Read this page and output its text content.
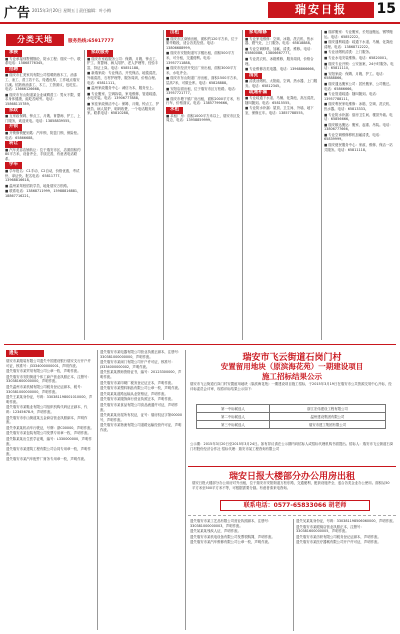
广告 2015年3月20日 星期五 | 责任编辑：叶小梅	瑞安日报	15
分类天地	服务热线:65917777
承接

■ 专业承接别墅钢筋砼、防水工程；瑞安一中。联系电话：15868776345。

招聘

■ 瑞安市汇美家具有限公司招聘熟练木工、油漆工、油工、普工若干名，待遇优厚，工作地点瑞安江溪。招熟练油漆工、木工，工资面议，包吃住。电话：13666126668。

■ 瑞安市东山街道某企业诚聘普工：男女不限，要求身体健康，能吃苦耐劳。电话：15868115789。

家政

■ 互家政保姆、钟点工、月嫂、育婴师、护工，上门服务，欢迎来电。电话：13858839555。

开锁

■ 开锁修锁配钥匙：汽车锁、防盗门锁、保险柜。电话：65866688。

转让

■ 汽车美容店铺转让：位于瑞安市区，店面面积约80平方米，设备齐全，手续完善，有意者电话联系。

学车

■ 学车报名：C1手动、C2自动，价格优惠，考试快、拿证快。报名电话：65811777、13968816618。

■ 温州某驾校招收学员，地址瑞安万松路。

■ 联系电话：13868711999、15988816881、18867716221。

家政服务

■ 瑞安市家政服务公司：保姆、月嫂、钟点工、护工、育婴师、病人陪护、老人护理等，经验丰富，持证上岗。电话：65851188。

■ 新瑞家政：专业保洁、开荒保洁、地毯清洗、外墙清洗、石材护理等，服务周到，价格合理。电话：65811111。

■ 温州家政服务中心：诚信为本，服务至上。

■ 专业搬家、空调拆装、家电维修、管道疏通、水电安装。电话：13906777888。

■ 家佳家政保洁中心：保姆、月嫂、钟点工、护理员、病人陪护，明码收费，一个电话服务到家。联系电话：65810288。

出租

■ 瑞安市区商铺出租，面积约120平方米，位于繁华路段，适合各类经营。电话：13806688999。

■ 瑞安市安阳街道写字楼出租，面积500平方米，可分租，交通便利。电话：13957711888。

■ 瑞安市经济开发区厂房出租，面积3000平方米，水电齐全。

■ 瑞安市东山街道厂房出租，面积1500平方米，层高7米，可做仓库。电话：65828888。

■ 安阳店面出租，位于瑞安市区万松路。电话：13957721777。

■ 瑞安市塘下镇厂房出租，面积2000平方米，有行车，价格面议。电话：13857799666。

求租

■ 求租厂房：面积1000平方米以上，瑞安市区及周边，电话：13958859999。

家电维修

■ 专业家电维修：空调、冰箱、洗衣机、热水器、燃气灶，上门服务。电话：65818888。

■ 专业空调移机、加氟、清洗、维修。电话：65860088、13806667777。

■ 专业洗衣机、冰箱维修，服务周到，价格合理。

■ 专业维修各类电器，电话：13968866666。

清洗

■ 清洗油烟机、太阳能、空调、热水器，上门服务。电话：65812345。

疏通补漏

■ 专业疏通下水道、马桶、化粪池，高压清洗，随叫随到。电话：65815555。

■ 专业防水补漏：屋顶、卫生间、外墙、地下室，保修五年。电话：13857788555。

■ 瑞祥搬家：专业搬家、长短途搬运、钢琴搬运。电话：65852222。

■ 瑞安通利疏通：疏通下水道、马桶、化粪池清理。电话：13868712222。

■ 专业油烟机清洗：上门服务。

■ 专业水电安装维修。电话：65820001。

■ 瑞安专业开锁：公安备案，24小时服务。电话：65811110。

■ 安阳家政：保姆、月嫂、护工。电话：65888866。

■ 瑞安通达搬家公司：居民搬家、公司搬迁。电话：65866666。

■ 专业管道疏通：随叫随到。电话：13957788111。

■ 瑞安利民家电维修：冰箱、空调、洗衣机、热水器。电话：65813333。

■ 专业防水补漏：厨房卫生间、楼顶外墙。电话：65856666。

■ 瑞安顺达搬运：搬家、起重、吊装。电话：13806777666。

■ 专业空调维修移机加氟清洗，电话：65839999。

■ 瑞安便民服务中心：家政、维修、保洁一站式服务。电话：65811118。

遗失

瑞安市某服装有限公司遗失中国建设银行瑞安支行开户许可证，核准号：J3334000000001，声明作废。

遗失瑞安市某贸易有限公司公章一枚，声明作废。

遗失瑞安市安阳街道个体工商户营业执照正本，注册号：330381600000000，声明作废。

遗失温州市某机械有限公司税务登记证副本，税号：330381000000000，声明作废。

遗失王某某身份证，号码：330381198001010000，声明作废。

遗失瑞安市某鞋业有限公司组织机构代码证正副本，代码：12345678-9，声明作废。

遗失瑞安市东山街道某五金商店营业执照副本，声明作废。

遗失李某某机动车行驶证，号牌：浙C00000，声明作废。

遗失瑞安市某包装有限公司发票专用章一枚，声明作废。

遗失陈某某出生医学证明，编号：L330000000，声明作废。

遗失瑞安市某建筑工程有限公司合同专用章一枚，声明作废。

遗失瑞安市某汽车配件厂财务专用章一枚，声明作废。

遗失瑞安市某电器有限公司营业执照正副本，注册号：330381000000000，声明作废。

遗失瑞安市某阀门有限公司开户许可证，核准号：J3334000000002，声明作废。

遗失张某某教师资格证书，编号：20123300000，声明作废。

遗失瑞安市某印刷厂税务登记证正本，声明作废。

遗失瑞安市某塑料制品有限公司公章一枚，声明作废。

遗失周某某道路运输从业资格证，声明作废。

遗失瑞安市某服饰商行营业执照正本，声明作废。

遗失瑞安市某食品有限公司食品流通许可证，声明作废。

遗失黄某某房屋所有权证，证号：瑞房权证字第00000号，声明作废。

遗失瑞安市某物流有限公司道路运输经营许可证，声明作废。

瑞安市飞云街道石岗门村
安置留用地块（原滨海花苑）一期建设项目
施工招标结果公示

瑞安市飞云街道石岗门村安置留用地块（原滨海花苑）一期建设项目施工招标，于2015年3月19日在瑞安市公共资源交易中心开标，经评标委员会评审，现将评标结果公示如下：

第一中标候选人	浙江宏伟建设工程有限公司
第二中标候选人	温州建设集团有限公司
第三中标候选人	瑞安市建工集团有限公司

公示期：2015年3月20日至2015年3月24日。如有异议请在公示期内向招标人或招标代理机构书面提出。招标人：瑞安市飞云街道石岗门村股份经济合作社 招标代理：瑞安市某工程咨询有限公司

瑞安日报大楼部分办公用房出租

瑞安日报大楼部分办公用房对外出租，位于瑞安市安阳街道万松东路，交通便利，配套设施齐全，适合各类企业办公使用。面积从50平方米至500平方米不等，可根据需要分割。有意者请来电咨询。

联系电话：0577-65833066 胡老师

遗失瑞安市某工艺品有限公司营业执照副本，注册号：330381000000003，声明作废。

遗失某某某残疾人证，声明作废。

遗失瑞安市某机电设备有限公司发票领购簿，声明作废。

遗失瑞安市某汽车维修有限公司公章一枚，声明作废。

遗失吴某某身份证，号码：330381198506060000，声明作废。

遗失瑞安市某眼镜店营业执照正本，注册号：330381600000005，声明作废。

遗失瑞安市某纺织有限公司税务登记证副本，声明作废。

遗失瑞安市某医疗器械有限公司开户许可证，声明作废。
